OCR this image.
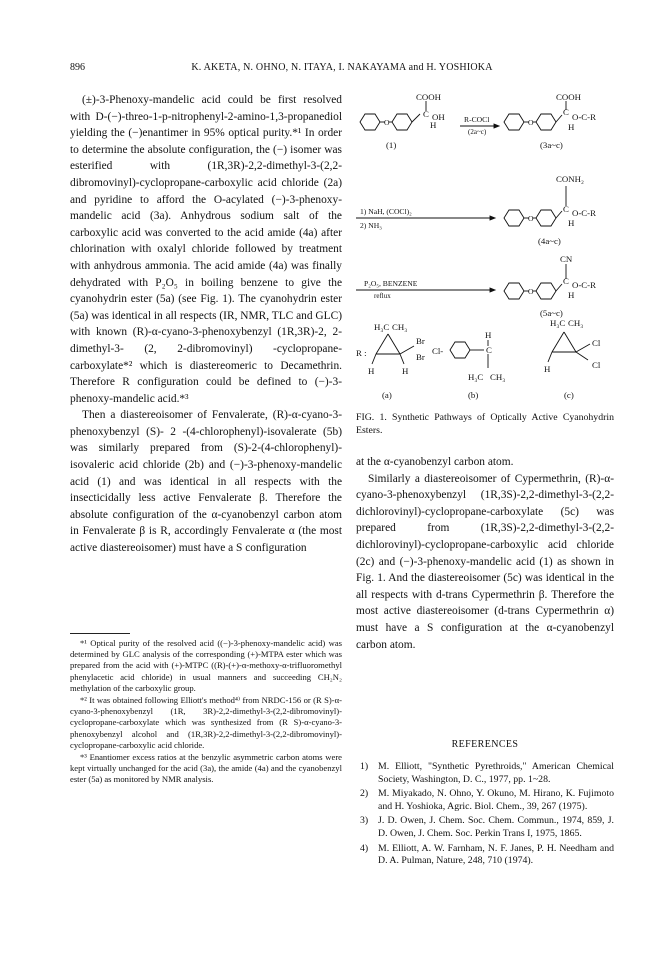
896	K. AKETA, N. OHNO, N. ITAYA, I. NAKAYAMA and H. YOSHIOKA

(±)-3-Phenoxy-mandelic acid could be first resolved with D-(−)-threo-1-p-nitrophenyl-2-amino-1,3-propanediol yielding the (−)enantimer in 95% optical purity.*¹ In order to determine the absolute configuration, the (−) isomer was esterified with (1R,3R)-2,2-dimethyl-3-(2,2-dibromovinyl)-cyclopropane-carboxylic acid chloride (2a) and pyridine to afford the O-acylated (−)-3-phenoxy-mandelic acid (3a). Anhydrous sodium salt of the carboxylic acid was converted to the acid amide (4a) after chlorination with oxalyl chloride followed by treatment with anhydrous ammonia. The acid amide (4a) was finally dehydrated with P₂O₅ in boiling benzene to give the cyanohydrin ester (5a) (see Fig. 1). The cyanohydrin ester (5a) was identical in all respects (IR, NMR, TLC and GLC) with known (R)-α-cyano-3-phenoxybenzyl (1R,3R)-2, 2-dimethyl-3- (2, 2-dibromovinyl) -cyclopropane-carboxylate*² which is diastereomeric to Decamethrin. Therefore R configuration could be defined to (−)-3-phenoxy-mandelic acid.*³

Then a diastereoisomer of Fenvalerate, (R)-α-cyano-3-phenoxybenzyl (S)- 2 -(4-chlorophenyl)-isovalerate (5b) was similarly prepared from (S)-2-(4-chlorophenyl)-isovaleric acid chloride (2b) and (−)-3-phenoxy-mandelic acid (1) and was identical in all respects with the insecticidally less active Fenvalerate β. Therefore the absolute configuration of the α-cyanobenzyl carbon atom in Fenvalerate β is R, accordingly Fenvalerate α (the most active diastereoisomer) must have a S configuration

*¹ Optical purity of the resolved acid ((−)-3-phenoxy-mandelic acid) was determined by GLC analysis of the corresponding (+)-MTPA ester which was prepared from the acid with (+)-MTPC ((R)-(+)-α-methoxy-α-trifluoromethyl phenylacetic acid chloride) in usual manners and succeeding CH₂N₂ methylation of the carboxylic group.

*² It was obtained following Elliott's method⁴⁾ from NRDC-156 or (R S)-α-cyano-3-phenoxybenzyl (1R, 3R)-2,2-dimethyl-3-(2,2-dibromovinyl)-cyclopropane-carboxylate which was synthesized from (R S)-α-cyano-3-phenoxybenzyl alcohol and (1R,3R)-2,2-dimethyl-3-(2,2-dibromovinyl)-cyclopropane-carboxylic acid chloride.

*³ Enantiomer excess ratios at the benzylic asymmetric carbon atoms were kept virtually unchanged for the acid (3a), the amide (4a) and the cyanobenzyl ester (5a) as monitored by NMR analysis.

COOH
C OH
H
O	R-COCl
(2a~c)
(1)
COOH
C O-C-R
H
O
(3a~c)
CONH₂
C O-C-R
H
O
1) NaH, (COCl)₂
2) NH₃
(4a~c)
CN
C O-C-R
H
O
P₂O₅, BENZENE
reflux
(5a~c)
R :
H₃C CH₃
Br
Br
H	H
Cl-
H
C
H₃C CH₃
H₃C CH₃
Cl
Cl
H
(a)	(b)	(c)
FIG. 1. Synthetic Pathways of Optically Active Cyanohydrin Esters.

at the α-cyanobenzyl carbon atom.

Similarly a diastereoisomer of Cypermethrin, (R)-α-cyano-3-phenoxybenzyl (1R,3S)-2,2-dimethyl-3-(2,2-dichlorovinyl)-cyclopropane-carboxylate (5c) was prepared from (1R,3S)-2,2-dimethyl-3-(2,2-dichlorovinyl)-cyclopropane-carboxylic acid chloride (2c) and (−)-3-phenoxy-mandelic acid (1) as shown in Fig. 1. And the diastereoisomer (5c) was identical in the all respects with d-trans Cypermethrin β. Therefore the most active diastereoisomer (d-trans Cypermethrin α) must have a S configuration at the α-cyanobenzyl carbon atom.

REFERENCES
1) M. Elliott, "Synthetic Pyrethroids," American Chemical Society, Washington, D. C., 1977, pp. 1~28.
2) M. Miyakado, N. Ohno, Y. Okuno, M. Hirano, K. Fujimoto and H. Yoshioka, Agric. Biol. Chem., 39, 267 (1975).
3) J. D. Owen, J. Chem. Soc. Chem. Commun., 1974, 859, J. D. Owen, J. Chem. Soc. Perkin Trans I, 1975, 1865.
4) M. Elliott, A. W. Farnham, N. F. Janes, P. H. Needham and D. A. Pulman, Nature, 248, 710 (1974).
